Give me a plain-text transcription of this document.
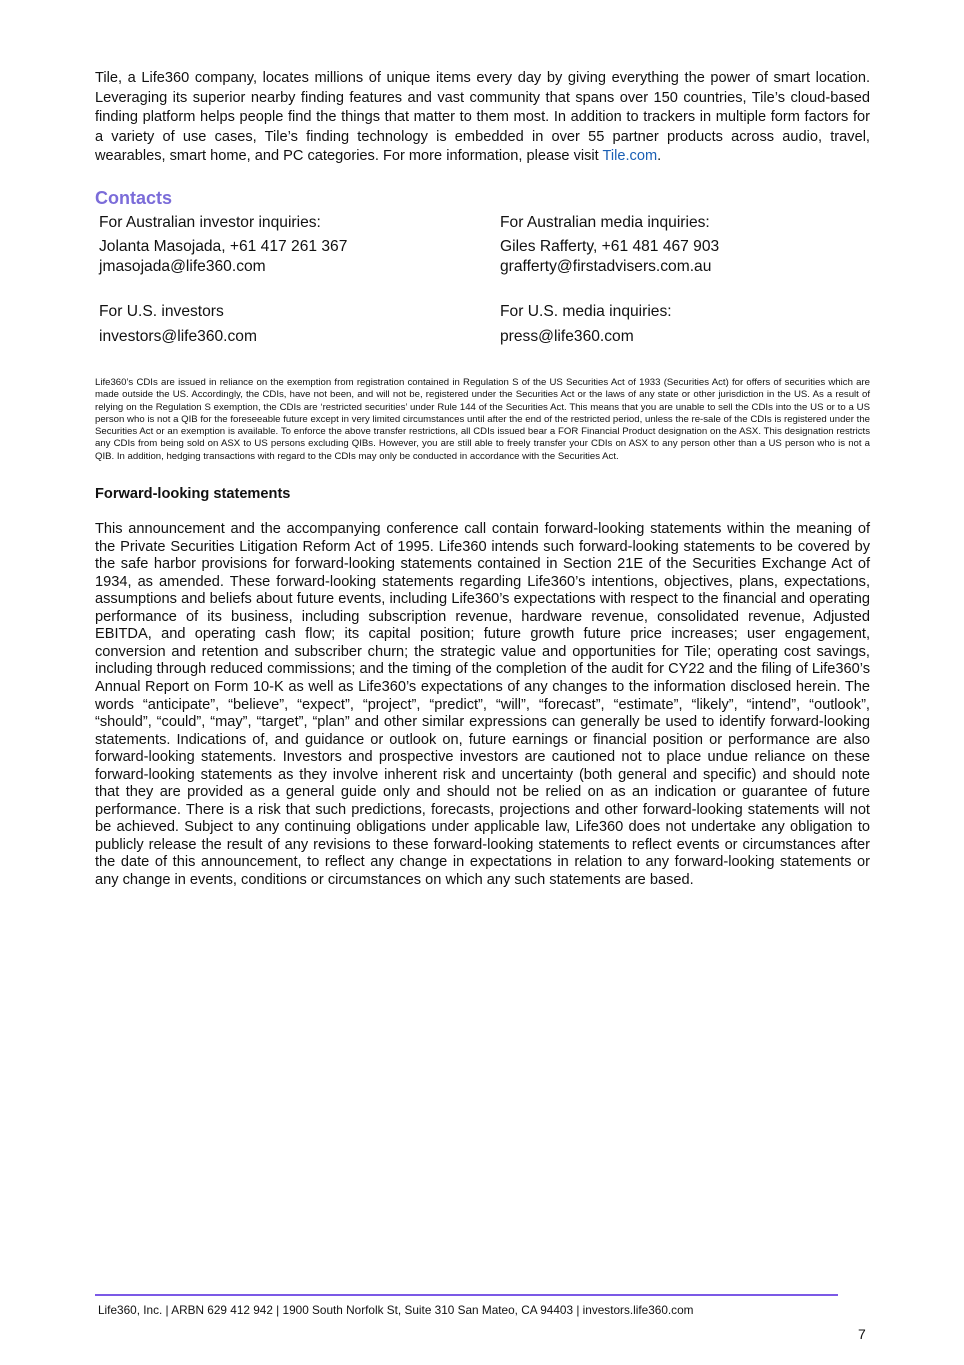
Tile, a Life360 company, locates millions of unique items every day by giving everything the power of smart location. Leveraging its superior nearby finding features and vast community that spans over 150 countries, Tile’s cloud-based finding platform helps people find the things that matter to them most. In addition to trackers in multiple form factors for a variety of use cases, Tile’s finding technology is embedded in over 55 partner products across audio, travel, wearables, smart home, and PC categories. For more information, please visit Tile.com.

Contacts
For Australian investor inquiries:
Jolanta Masojada, +61 417 261 367
jmasojada@life360.com
For Australian media inquiries:
Giles Rafferty, +61 481 467 903
grafferty@firstadvisers.com.au
For U.S. investors
investors@life360.com
For U.S. media inquiries:
press@life360.com

Life360’s CDIs are issued in reliance on the exemption from registration contained in Regulation S of the US Securities Act of 1933 (Securities Act) for offers of securities which are made outside the US. Accordingly, the CDIs, have not been, and will not be, registered under the Securities Act or the laws of any state or other jurisdiction in the US. As a result of relying on the Regulation S exemption, the CDIs are ‘restricted securities’ under Rule 144 of the Securities Act. This means that you are unable to sell the CDIs into the US or to a US person who is not a QIB for the foreseeable future except in very limited circumstances until after the end of the restricted period, unless the re-sale of the CDIs is registered under the Securities Act or an exemption is available. To enforce the above transfer restrictions, all CDIs issued bear a FOR Financial Product designation on the ASX. This designation restricts any CDIs from being sold on ASX to US persons excluding QIBs. However, you are still able to freely transfer your CDIs on ASX to any person other than a US person who is not a QIB. In addition, hedging transactions with regard to the CDIs may only be conducted in accordance with the Securities Act.

Forward-looking statements

This announcement and the accompanying conference call contain forward-looking statements within the meaning of the Private Securities Litigation Reform Act of 1995. Life360 intends such forward-looking statements to be covered by the safe harbor provisions for forward-looking statements contained in Section 21E of the Securities Exchange Act of 1934, as amended. These forward-looking statements regarding Life360’s intentions, objectives, plans, expectations, assumptions and beliefs about future events, including Life360’s expectations with respect to the financial and operating performance of its business, including subscription revenue, hardware revenue, consolidated revenue, Adjusted EBITDA, and operating cash flow; its capital position; future growth future price increases; user engagement, conversion and retention and subscriber churn; the strategic value and opportunities for Tile; operating cost savings, including through reduced commissions; and the timing of the completion of the audit for CY22 and the filing of Life360’s Annual Report on Form 10-K as well as Life360’s expectations of any changes to the information disclosed herein. The words “anticipate”, “believe”, “expect”, “project”, “predict”, “will”, “forecast”, “estimate”, “likely”, “intend”, “outlook”, “should”, “could”, “may”, “target”, “plan” and other similar expressions can generally be used to identify forward-looking statements. Indications of, and guidance or outlook on, future earnings or financial position or performance are also forward-looking statements. Investors and prospective investors are cautioned not to place undue reliance on these forward-looking statements as they involve inherent risk and uncertainty (both general and specific) and should note that they are provided as a general guide only and should not be relied on as an indication or guarantee of future performance. There is a risk that such predictions, forecasts, projections and other forward-looking statements will not be achieved. Subject to any continuing obligations under applicable law, Life360 does not undertake any obligation to publicly release the result of any revisions to these forward-looking statements to reflect events or circumstances after the date of this announcement, to reflect any change in expectations in relation to any forward-looking statements or any change in events, conditions or circumstances on which any such statements are based.

Life360, Inc. | ARBN 629 412 942 | 1900 South Norfolk St, Suite 310 San Mateo, CA 94403 | investors.life360.com
7
